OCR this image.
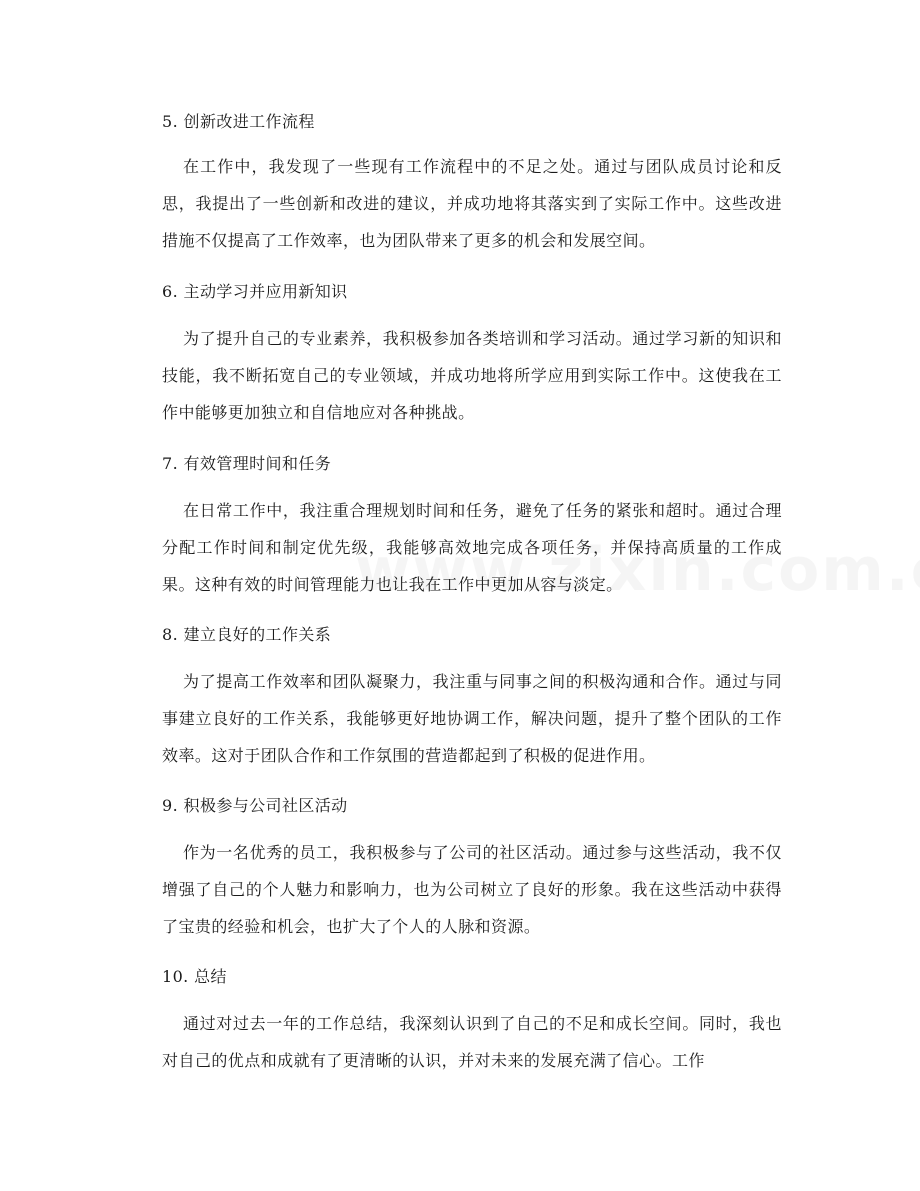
5. 创新改进工作流程

在工作中，我发现了一些现有工作流程中的不足之处。通过与团队成员讨论和反思，我提出了一些创新和改进的建议，并成功地将其落实到了实际工作中。这些改进措施不仅提高了工作效率，也为团队带来了更多的机会和发展空间。

6. 主动学习并应用新知识

为了提升自己的专业素养，我积极参加各类培训和学习活动。通过学习新的知识和技能，我不断拓宽自己的专业领域，并成功地将所学应用到实际工作中。这使我在工作中能够更加独立和自信地应对各种挑战。

7. 有效管理时间和任务

在日常工作中，我注重合理规划时间和任务，避免了任务的紧张和超时。通过合理分配工作时间和制定优先级，我能够高效地完成各项任务，并保持高质量的工作成果。这种有效的时间管理能力也让我在工作中更加从容与淡定。

8. 建立良好的工作关系

为了提高工作效率和团队凝聚力，我注重与同事之间的积极沟通和合作。通过与同事建立良好的工作关系，我能够更好地协调工作，解决问题，提升了整个团队的工作效率。这对于团队合作和工作氛围的营造都起到了积极的促进作用。

9. 积极参与公司社区活动

作为一名优秀的员工，我积极参与了公司的社区活动。通过参与这些活动，我不仅增强了自己的个人魅力和影响力，也为公司树立了良好的形象。我在这些活动中获得了宝贵的经验和机会，也扩大了个人的人脉和资源。

10. 总结

通过对过去一年的工作总结，我深刻认识到了自己的不足和成长空间。同时，我也对自己的优点和成就有了更清晰的认识，并对未来的发展充满了信心。工作
